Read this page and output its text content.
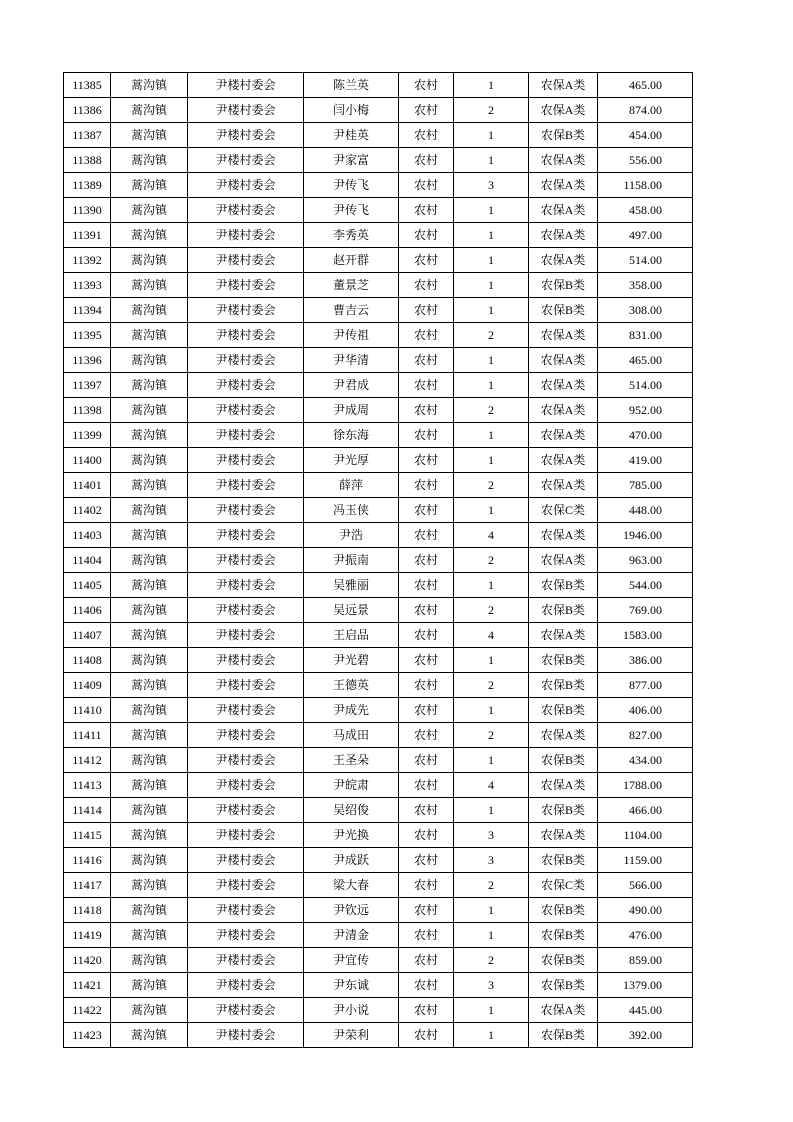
11385	蒿沟镇	尹楼村委会	陈兰英	农村	1	农保A类	465.00
11386	蒿沟镇	尹楼村委会	闫小梅	农村	2	农保A类	874.00
11387	蒿沟镇	尹楼村委会	尹桂英	农村	1	农保B类	454.00
11388	蒿沟镇	尹楼村委会	尹家富	农村	1	农保A类	556.00
11389	蒿沟镇	尹楼村委会	尹传飞	农村	3	农保A类	1158.00
11390	蒿沟镇	尹楼村委会	尹传飞	农村	1	农保A类	458.00
11391	蒿沟镇	尹楼村委会	李秀英	农村	1	农保A类	497.00
11392	蒿沟镇	尹楼村委会	赵开群	农村	1	农保A类	514.00
11393	蒿沟镇	尹楼村委会	董景芝	农村	1	农保B类	358.00
11394	蒿沟镇	尹楼村委会	曹吉云	农村	1	农保B类	308.00
11395	蒿沟镇	尹楼村委会	尹传祖	农村	2	农保A类	831.00
11396	蒿沟镇	尹楼村委会	尹华清	农村	1	农保A类	465.00
11397	蒿沟镇	尹楼村委会	尹君成	农村	1	农保A类	514.00
11398	蒿沟镇	尹楼村委会	尹成周	农村	2	农保A类	952.00
11399	蒿沟镇	尹楼村委会	徐东海	农村	1	农保A类	470.00
11400	蒿沟镇	尹楼村委会	尹光厚	农村	1	农保A类	419.00
11401	蒿沟镇	尹楼村委会	薛萍	农村	2	农保A类	785.00
11402	蒿沟镇	尹楼村委会	冯玉侠	农村	1	农保C类	448.00
11403	蒿沟镇	尹楼村委会	尹浩	农村	4	农保A类	1946.00
11404	蒿沟镇	尹楼村委会	尹振南	农村	2	农保A类	963.00
11405	蒿沟镇	尹楼村委会	吴雅丽	农村	1	农保B类	544.00
11406	蒿沟镇	尹楼村委会	吴远景	农村	2	农保B类	769.00
11407	蒿沟镇	尹楼村委会	王启品	农村	4	农保A类	1583.00
11408	蒿沟镇	尹楼村委会	尹光碧	农村	1	农保B类	386.00
11409	蒿沟镇	尹楼村委会	王德英	农村	2	农保B类	877.00
11410	蒿沟镇	尹楼村委会	尹成先	农村	1	农保B类	406.00
11411	蒿沟镇	尹楼村委会	马成田	农村	2	农保A类	827.00
11412	蒿沟镇	尹楼村委会	王圣朵	农村	1	农保B类	434.00
11413	蒿沟镇	尹楼村委会	尹皖肃	农村	4	农保A类	1788.00
11414	蒿沟镇	尹楼村委会	吴绍俊	农村	1	农保B类	466.00
11415	蒿沟镇	尹楼村委会	尹光换	农村	3	农保A类	1104.00
11416	蒿沟镇	尹楼村委会	尹成跃	农村	3	农保B类	1159.00
11417	蒿沟镇	尹楼村委会	梁大春	农村	2	农保C类	566.00
11418	蒿沟镇	尹楼村委会	尹钦远	农村	1	农保B类	490.00
11419	蒿沟镇	尹楼村委会	尹清金	农村	1	农保B类	476.00
11420	蒿沟镇	尹楼村委会	尹宜传	农村	2	农保B类	859.00
11421	蒿沟镇	尹楼村委会	尹东诚	农村	3	农保B类	1379.00
11422	蒿沟镇	尹楼村委会	尹小说	农村	1	农保A类	445.00
11423	蒿沟镇	尹楼村委会	尹荣利	农村	1	农保B类	392.00
